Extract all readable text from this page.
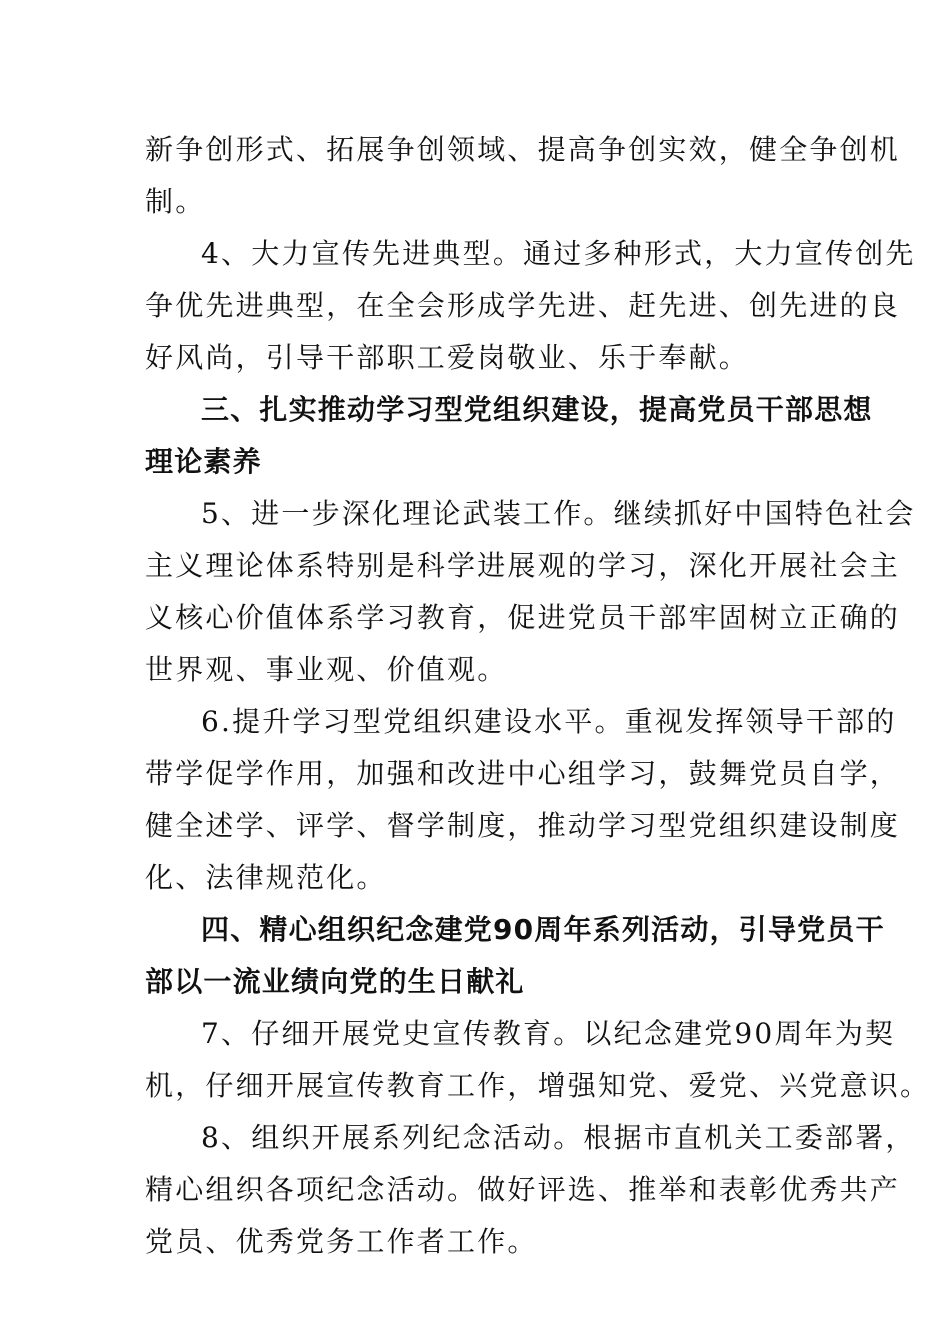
新争创形式、拓展争创领域、提高争创实效，健全争创机
制。

4、大力宣传先进典型。通过多种形式，大力宣传创先
争优先进典型，在全会形成学先进、赶先进、创先进的良
好风尚，引导干部职工爱岗敬业、乐于奉献。

三、扎实推动学习型党组织建设，提高党员干部思想
理论素养

5、进一步深化理论武装工作。继续抓好中国特色社会
主义理论体系特别是科学进展观的学习，深化开展社会主
义核心价值体系学习教育，促进党员干部牢固树立正确的
世界观、事业观、价值观。

6.提升学习型党组织建设水平。重视发挥领导干部的
带学促学作用，加强和改进中心组学习，鼓舞党员自学，
健全述学、评学、督学制度，推动学习型党组织建设制度
化、法律规范化。

四、精心组织纪念建党90周年系列活动，引导党员干
部以一流业绩向党的生日献礼

7、仔细开展党史宣传教育。以纪念建党90周年为契
机，仔细开展宣传教育工作，增强知党、爱党、兴党意识。

8、组织开展系列纪念活动。根据市直机关工委部署，
精心组织各项纪念活动。做好评选、推举和表彰优秀共产
党员、优秀党务工作者工作。
